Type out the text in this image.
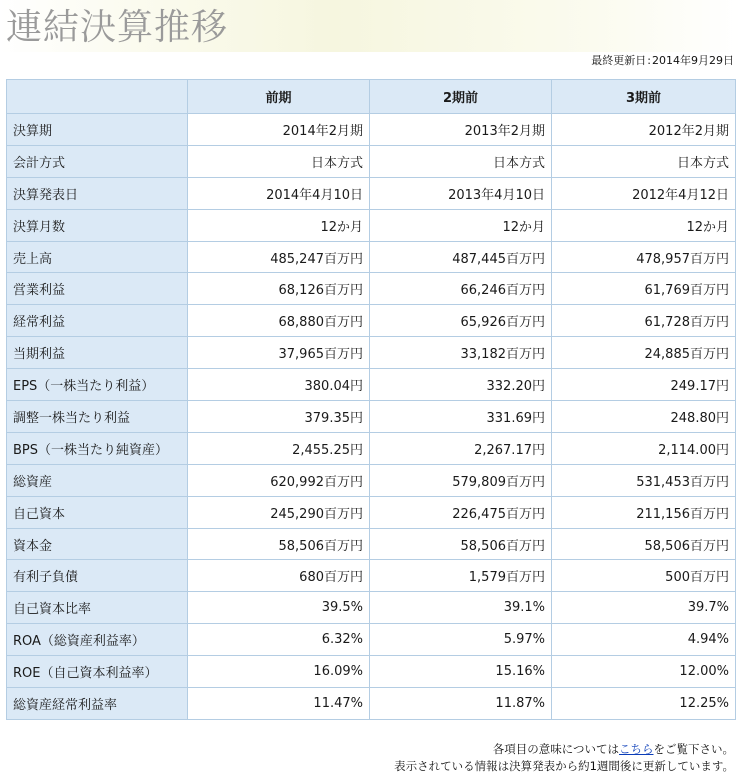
連結決算推移
最終更新日:2014年9月29日
	前期	2期前	3期前
決算期	2014年2月期	2013年2月期	2012年2月期
会計方式	日本方式	日本方式	日本方式
決算発表日	2014年4月10日	2013年4月10日	2012年4月12日
決算月数	12か月	12か月	12か月
売上高	485,247百万円	487,445百万円	478,957百万円
営業利益	68,126百万円	66,246百万円	61,769百万円
経常利益	68,880百万円	65,926百万円	61,728百万円
当期利益	37,965百万円	33,182百万円	24,885百万円
EPS（一株当たり利益）	380.04円	332.20円	249.17円
調整一株当たり利益	379.35円	331.69円	248.80円
BPS（一株当たり純資産）	2,455.25円	2,267.17円	2,114.00円
総資産	620,992百万円	579,809百万円	531,453百万円
自己資本	245,290百万円	226,475百万円	211,156百万円
資本金	58,506百万円	58,506百万円	58,506百万円
有利子負債	680百万円	1,579百万円	500百万円
自己資本比率	39.5%	39.1%	39.7%
ROA（総資産利益率）	6.32%	5.97%	4.94%
ROE（自己資本利益率）	16.09%	15.16%	12.00%
総資産経常利益率	11.47%	11.87%	12.25%
各項目の意味についてはこちらをご覧下さい。
表示されている情報は決算発表から約1週間後に更新しています。
